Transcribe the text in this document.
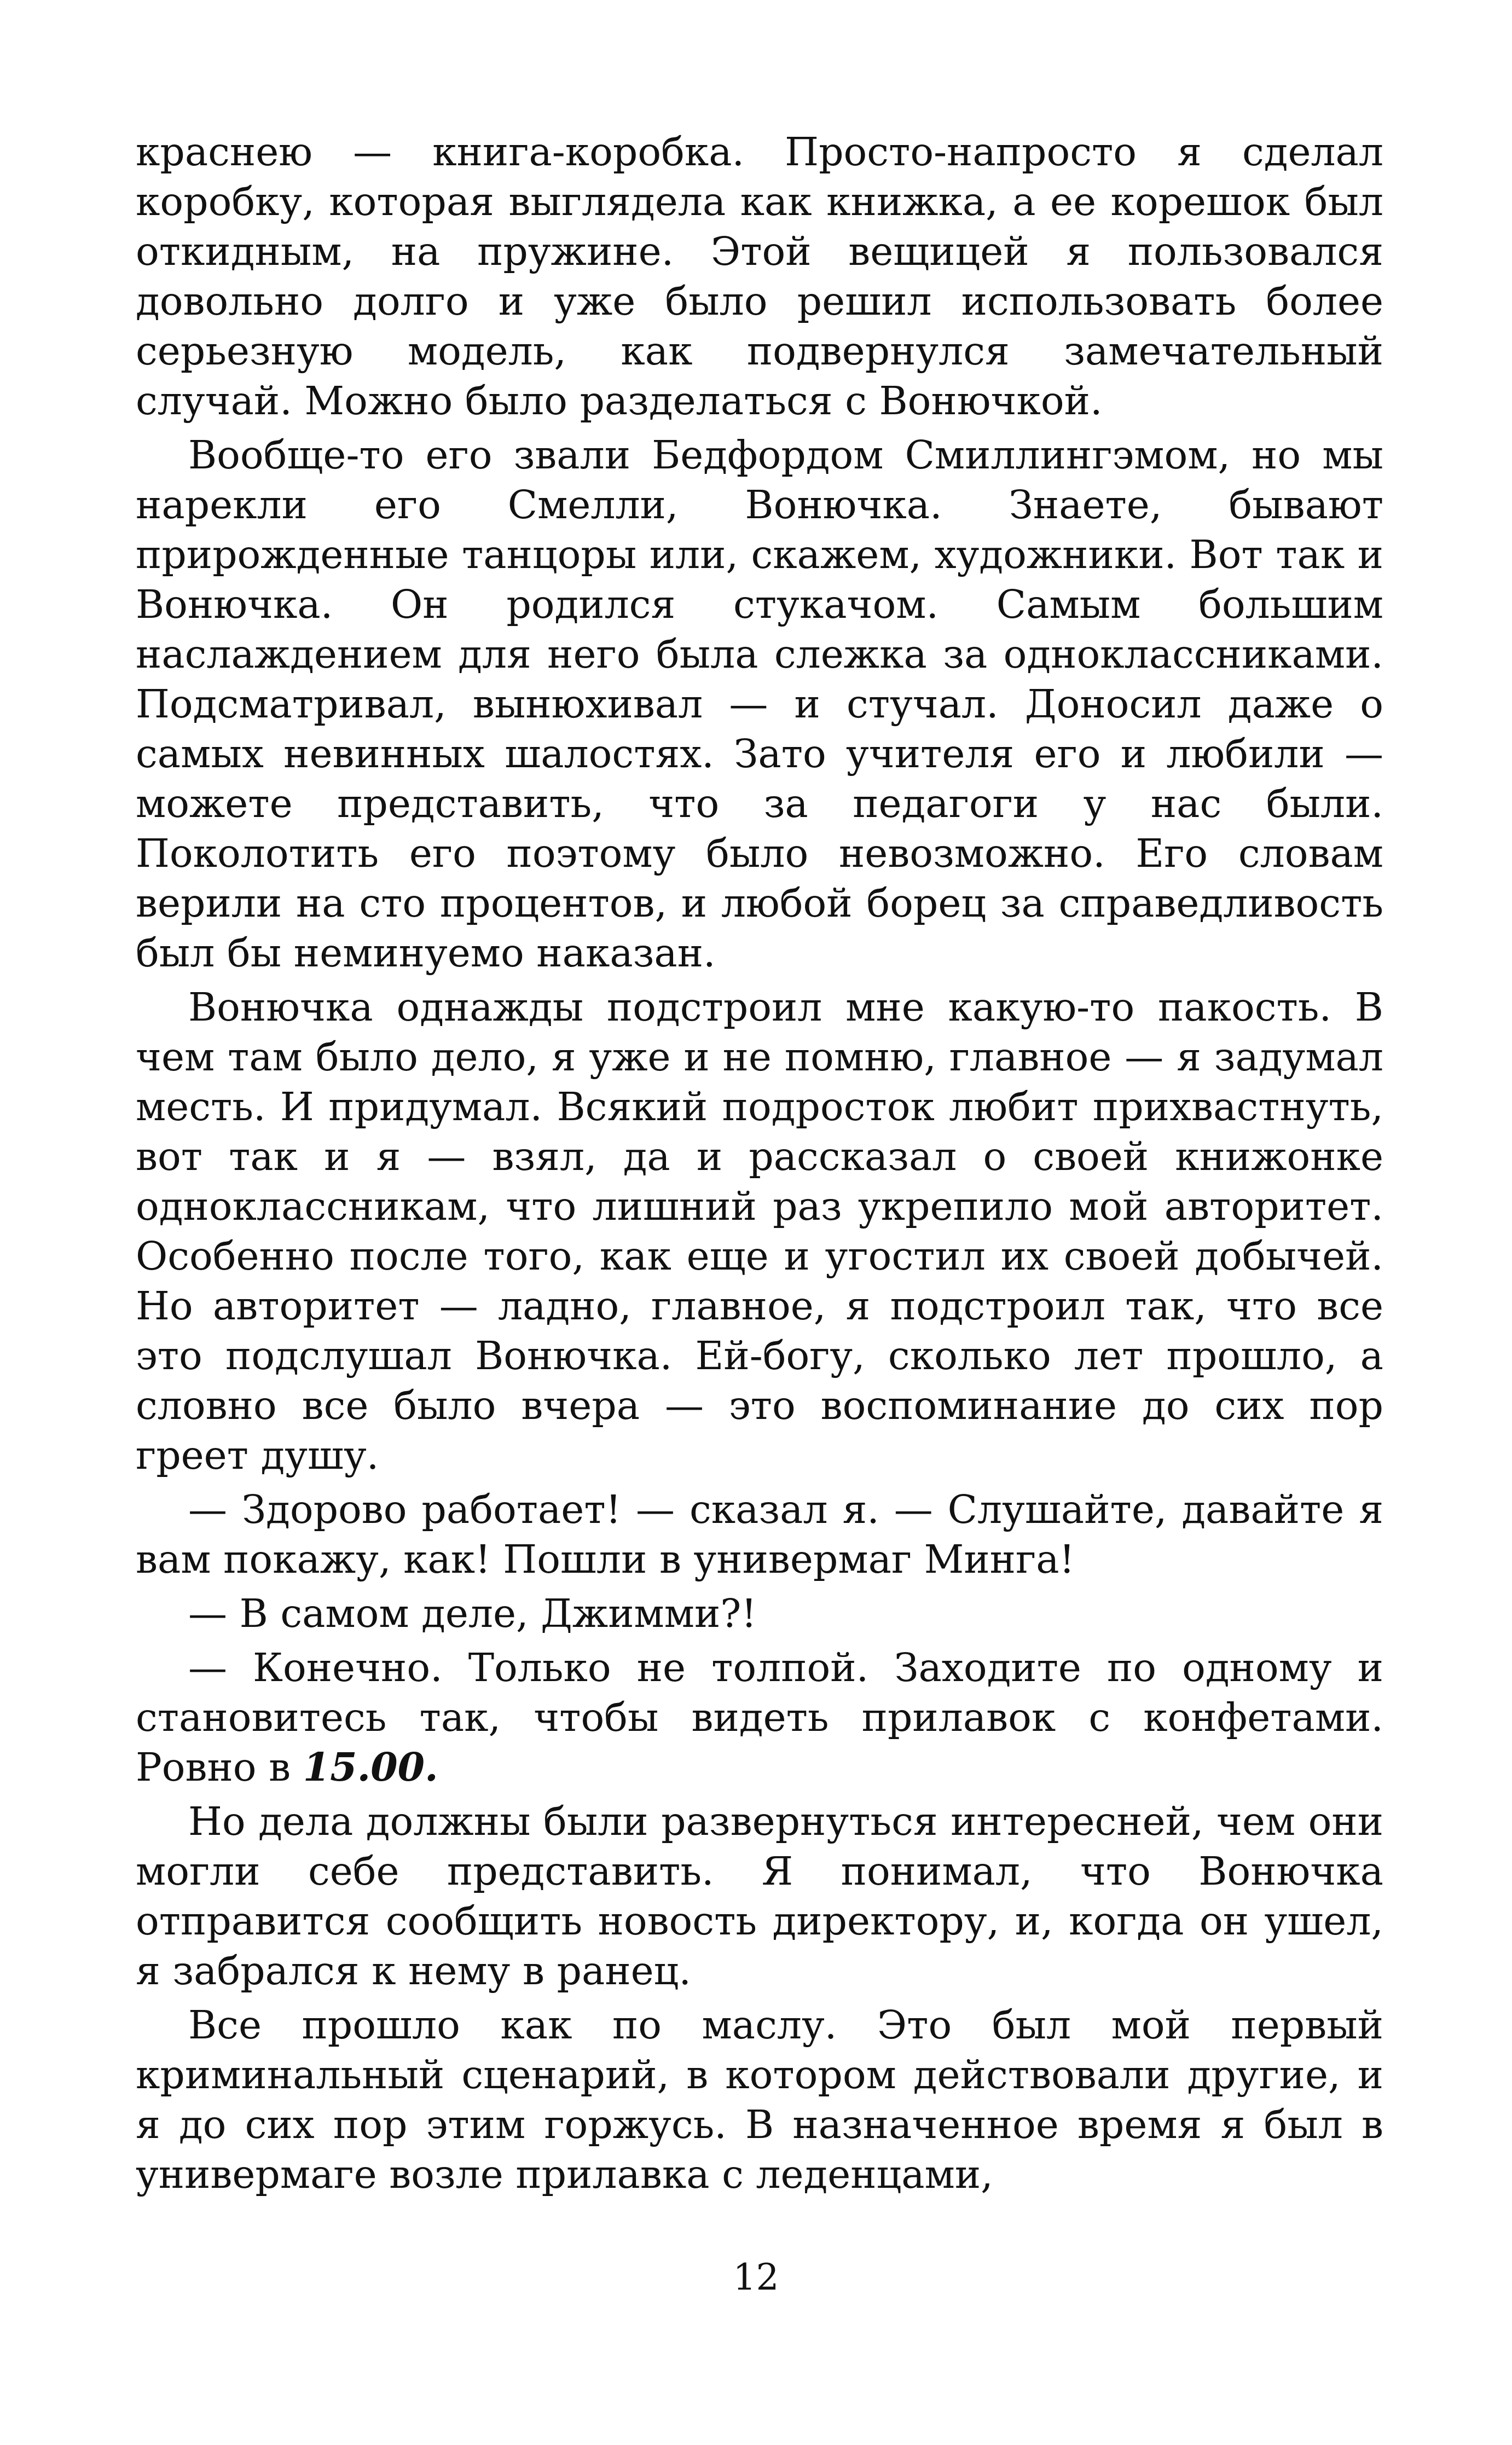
краснею — книга-коробка. Просто-напросто я сделал коробку, которая выглядела как книжка, а ее корешок был откидным, на пружине. Этой вещицей я пользовался довольно долго и уже было решил использовать более серьезную модель, как подвернулся замечательный случай. Можно было разделаться с Вонючкой.

Вообще-то его звали Бедфордом Смиллингэмом, но мы нарекли его Смелли, Вонючка. Знаете, бывают прирожденные танцоры или, скажем, художники. Вот так и Вонючка. Он родился стукачом. Самым большим наслаждением для него была слежка за одноклассниками. Подсматривал, вынюхивал — и стучал. Доносил даже о самых невинных шалостях. Зато учителя его и любили — можете представить, что за педагоги у нас были. Поколотить его поэтому было невозможно. Его словам верили на сто процентов, и любой борец за справедливость был бы неминуемо наказан.

Вонючка однажды подстроил мне какую-то пакость. В чем там было дело, я уже и не помню, главное — я задумал месть. И придумал. Всякий подросток любит прихвастнуть, вот так и я — взял, да и рассказал о своей книжонке одноклассникам, что лишний раз укрепило мой авторитет. Особенно после того, как еще и угостил их своей добычей. Но авторитет — ладно, главное, я подстроил так, что все это подслушал Вонючка. Ей-богу, сколько лет прошло, а словно все было вчера — это воспоминание до сих пор греет душу.

— Здорово работает! — сказал я. — Слушайте, давайте я вам покажу, как! Пошли в универмаг Минга!

— В самом деле, Джимми?!

— Конечно. Только не толпой. Заходите по одному и становитесь так, чтобы видеть прилавок с конфетами. Ровно в 15.00.

Но дела должны были развернуться интересней, чем они могли себе представить. Я понимал, что Вонючка отправится сообщить новость директору, и, когда он ушел, я забрался к нему в ранец.

Все прошло как по маслу. Это был мой первый криминальный сценарий, в котором действовали другие, и я до сих пор этим горжусь. В назначенное время я был в универмаге возле прилавка с леденцами,

12
